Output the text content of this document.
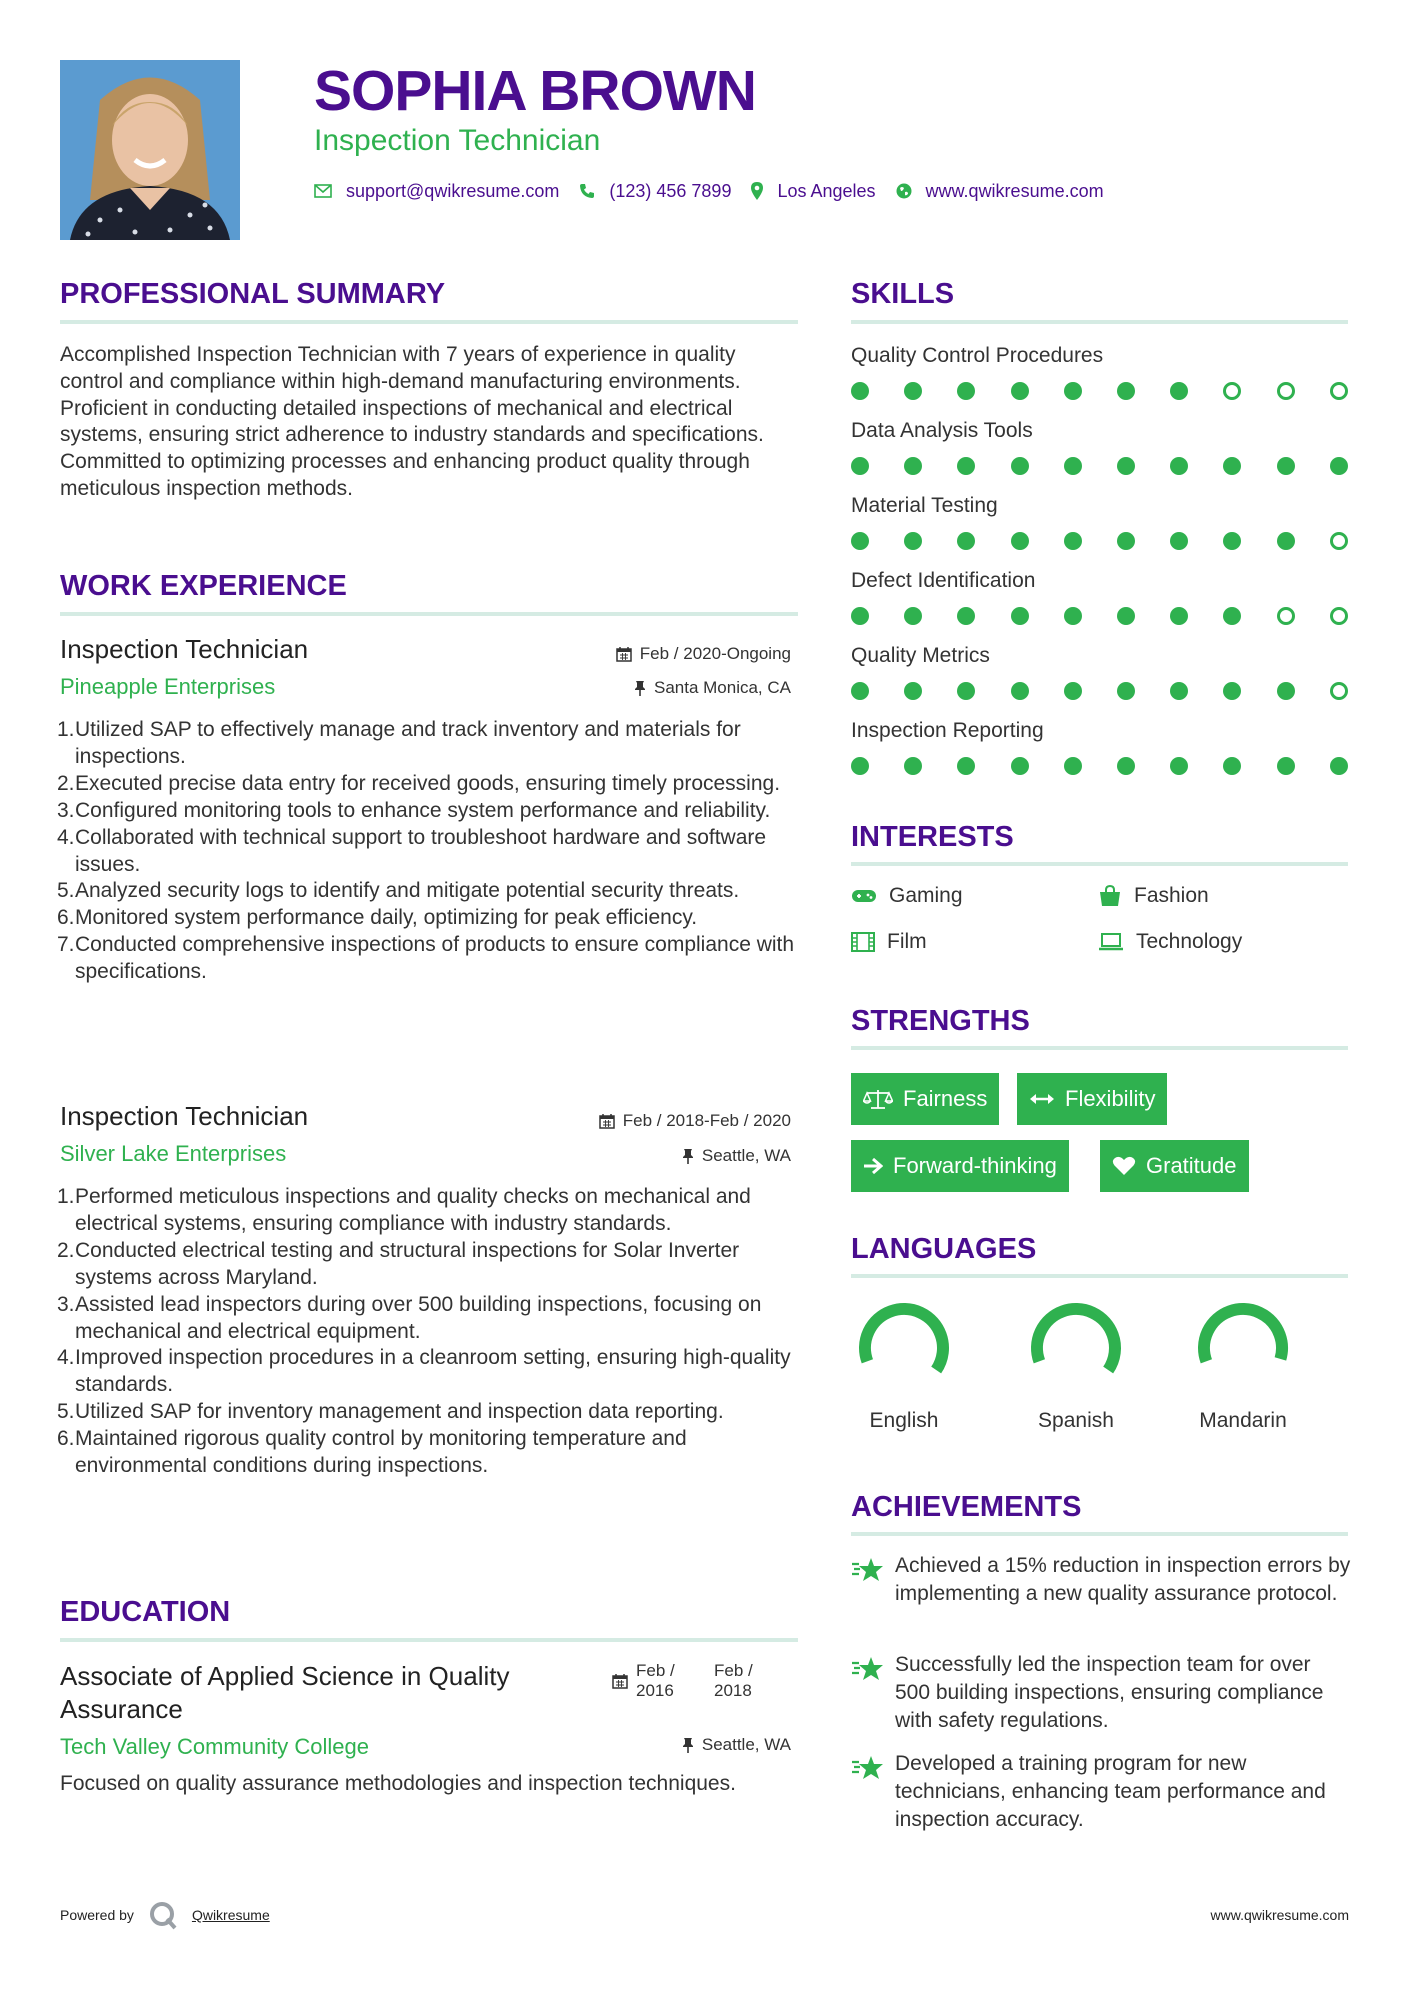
SOPHIA BROWN
Inspection Technician
support@qwikresume.com	(123) 456 7899	Los Angeles	www.qwikresume.com
PROFESSIONAL SUMMARY
Accomplished Inspection Technician with 7 years of experience in quality control and compliance within high-demand manufacturing environments. Proficient in conducting detailed inspections of mechanical and electrical systems, ensuring strict adherence to industry standards and specifications. Committed to optimizing processes and enhancing product quality through meticulous inspection methods.
WORK EXPERIENCE
Inspection Technician	Feb / 2020-Ongoing
Pineapple Enterprises	Santa Monica, CA
1. Utilized SAP to effectively manage and track inventory and materials for inspections.
2. Executed precise data entry for received goods, ensuring timely processing.
3. Configured monitoring tools to enhance system performance and reliability.
4. Collaborated with technical support to troubleshoot hardware and software issues.
5. Analyzed security logs to identify and mitigate potential security threats.
6. Monitored system performance daily, optimizing for peak efficiency.
7. Conducted comprehensive inspections of products to ensure compliance with specifications.
Inspection Technician	Feb / 2018-Feb / 2020
Silver Lake Enterprises	Seattle, WA
1. Performed meticulous inspections and quality checks on mechanical and electrical systems, ensuring compliance with industry standards.
2. Conducted electrical testing and structural inspections for Solar Inverter systems across Maryland.
3. Assisted lead inspectors during over 500 building inspections, focusing on mechanical and electrical equipment.
4. Improved inspection procedures in a cleanroom setting, ensuring high-quality standards.
5. Utilized SAP for inventory management and inspection data reporting.
6. Maintained rigorous quality control by monitoring temperature and environmental conditions during inspections.
EDUCATION
Associate of Applied Science in Quality Assurance
Feb / 2016
Feb / 2018
Tech Valley Community College	Seattle, WA
Focused on quality assurance methodologies and inspection techniques.
SKILLS
Quality Control Procedures
Data Analysis Tools
Material Testing
Defect Identification
Quality Metrics
Inspection Reporting
INTERESTS
Gaming	Fashion
Film	Technology
STRENGTHS
Fairness	Flexibility
Forward-thinking	Gratitude
LANGUAGES
English	Spanish	Mandarin
ACHIEVEMENTS
Achieved a 15% reduction in inspection errors by implementing a new quality assurance protocol.
Successfully led the inspection team for over 500 building inspections, ensuring compliance with safety regulations.
Developed a training program for new technicians, enhancing team performance and inspection accuracy.
Powered by	Qwikresume	www.qwikresume.com
